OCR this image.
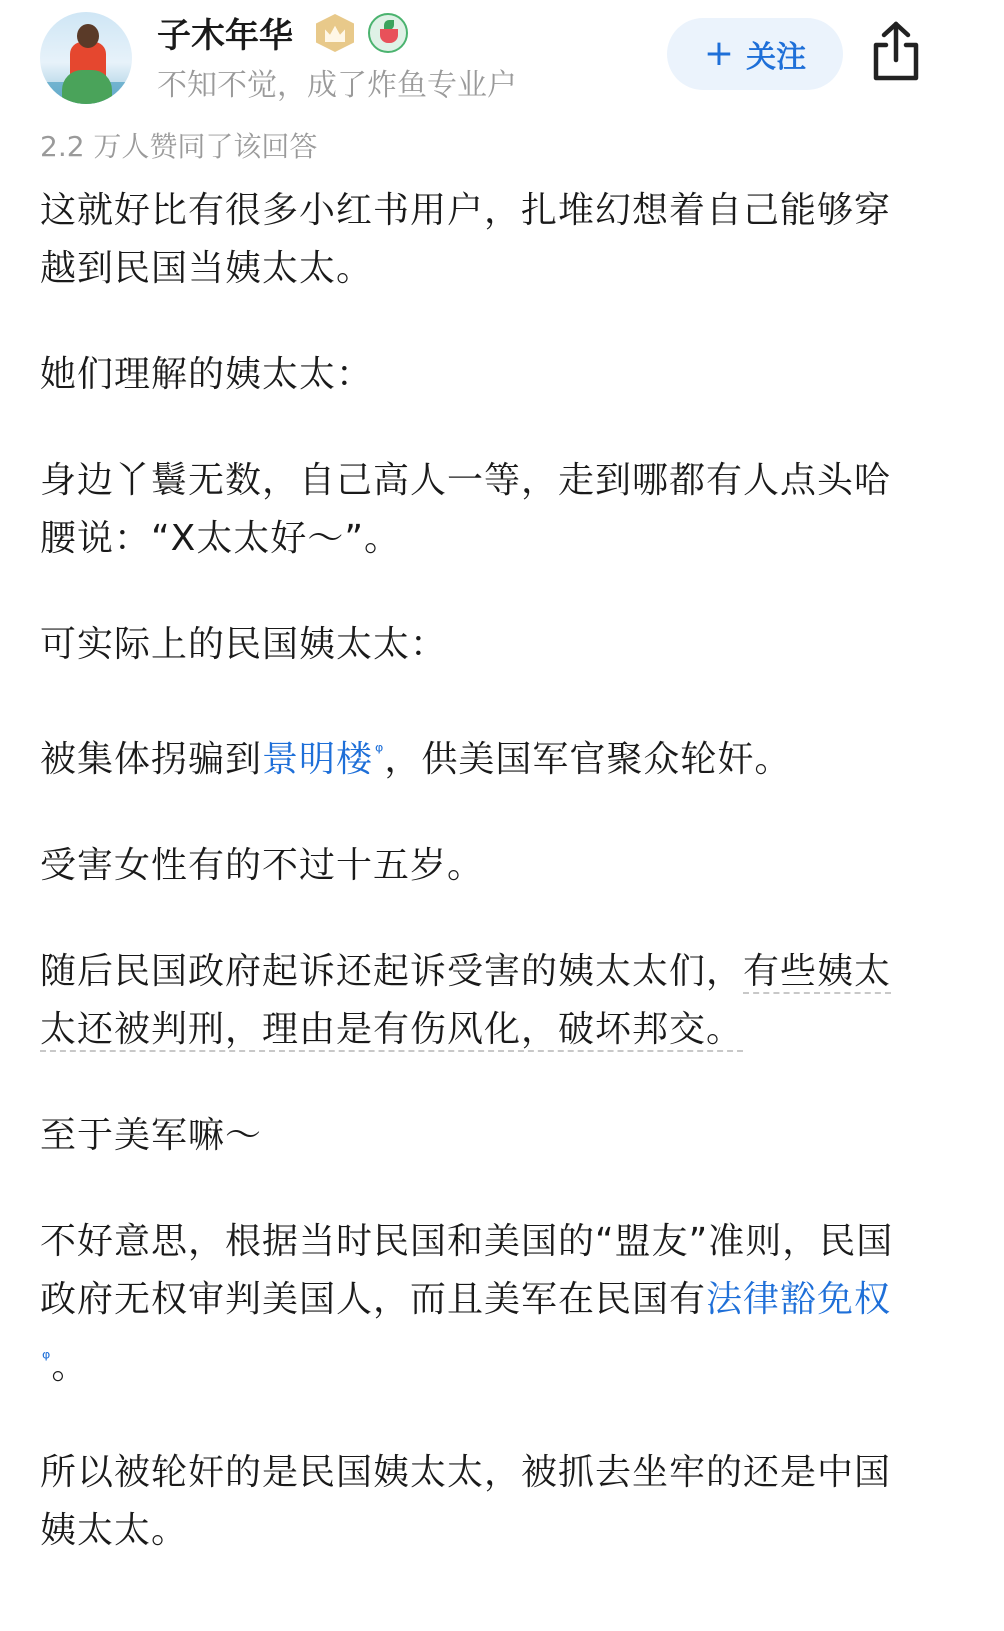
子木年华
不知不觉，成了炸鱼专业户
+ 关注
2.2 万人赞同了该回答

这就好比有很多小红书用户，扎堆幻想着自己能够穿越到民国当姨太太。

她们理解的姨太太：

身边丫鬟无数，自己高人一等，走到哪都有人点头哈腰说：“X太太好～”。

可实际上的民国姨太太：

被集体拐骗到景明楼 $^ᵠ$，供美国军官聚众轮奸。

受害女性有的不过十五岁。

随后民国政府起诉还起诉受害的姨太太们，有些姨太太还被判刑，理由是有伤风化，破坏邦交。

至于美军嘛～

不好意思，根据当时民国和美国的“盟友”准则，民国政府无权审判美国人，而且美军在民国有法律豁免权$^ᵠ$。

所以被轮奸的是民国姨太太，被抓去坐牢的还是中国姨太太。
